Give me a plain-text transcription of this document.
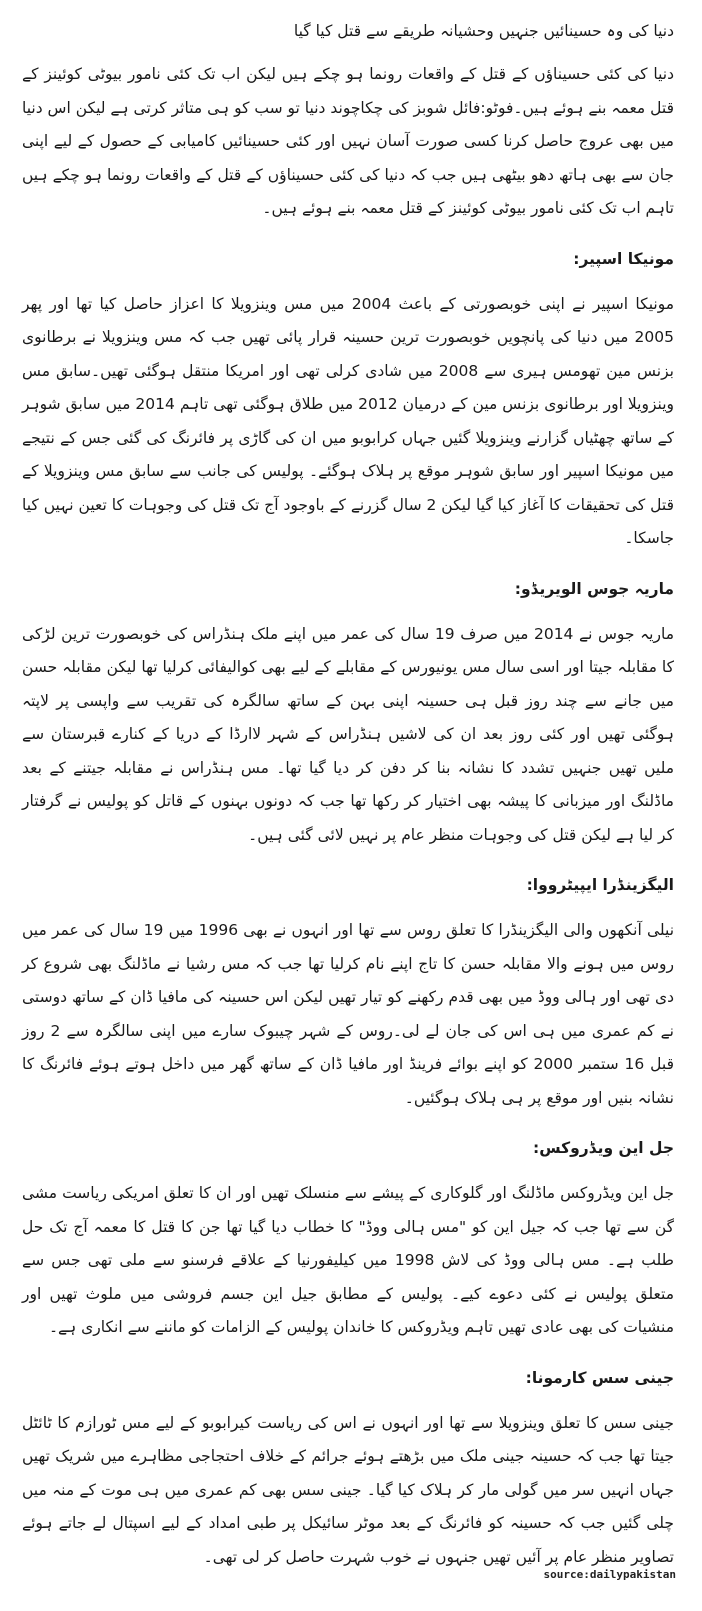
دنیا کی وہ حسینائیں جنہیں وحشیانہ طریقے سے قتل کیا گیا

دنیا کی کئی حسیناؤں کے قتل کے واقعات رونما ہو چکے ہیں لیکن اب تک کئی نامور بیوٹی کوئینز کے قتل معمہ بنے ہوئے ہیں۔فوٹو:فائل شوبز کی چکاچوند دنیا تو سب کو ہی متاثر کرتی ہے لیکن اس دنیا میں بھی عروج حاصل کرنا کسی صورت آسان نہیں اور کئی حسینائیں کامیابی کے حصول کے لیے اپنی جان سے بھی ہاتھ دھو بیٹھی ہیں جب کہ دنیا کی کئی حسیناؤں کے قتل کے واقعات رونما ہو چکے ہیں تاہم اب تک کئی نامور بیوٹی کوئینز کے قتل معمہ بنے ہوئے ہیں۔

مونیکا اسپیر:

مونیکا اسپیر نے اپنی خوبصورتی کے باعث 2004 میں مس وینزویلا کا اعزاز حاصل کیا تھا اور پھر 2005 میں دنیا کی پانچویں خوبصورت ترین حسینہ قرار پائی تھیں جب کہ مس وینزویلا نے برطانوی بزنس مین تھومس ہیری سے 2008 میں شادی کرلی تھی اور امریکا منتقل ہوگئی تھیں۔سابق مس وینزویلا اور برطانوی بزنس مین کے درمیان 2012 میں طلاق ہوگئی تھی تاہم 2014 میں سابق شوہر کے ساتھ چھٹیاں گزارنے وینزویلا گئیں جہاں کرابوبو میں ان کی گاڑی پر فائرنگ کی گئی جس کے نتیجے میں مونیکا اسپیر اور سابق شوہر موقع پر ہلاک ہوگئے۔ پولیس کی جانب سے سابق مس وینزویلا کے قتل کی تحقیقات کا آغاز کیا گیا لیکن 2 سال گزرنے کے باوجود آج تک قتل کی وجوہات کا تعین نہیں کیا جاسکا۔

ماریہ جوس الویریڈو:

ماریہ جوس نے 2014 میں صرف 19 سال کی عمر میں اپنے ملک ہنڈراس کی خوبصورت ترین لڑکی کا مقابلہ جیتا اور اسی سال مس یونیورس کے مقابلے کے لیے بھی کوالیفائی کرلیا تھا لیکن مقابلہ حسن میں جانے سے چند روز قبل ہی حسینہ اپنی بہن کے ساتھ سالگرہ کی تقریب سے واپسی پر لاپتہ ہوگئی تھیں اور کئی روز بعد ان کی لاشیں ہنڈراس کے شہر لاارڈا کے دریا کے کنارے قبرستان سے ملیں تھیں جنہیں تشدد کا نشانہ بنا کر دفن کر دیا گیا تھا۔ مس ہنڈراس نے مقابلہ جیتنے کے بعد ماڈلنگ اور میزبانی کا پیشہ بھی اختیار کر رکھا تھا جب کہ دونوں بہنوں کے قاتل کو پولیس نے گرفتار کر لیا ہے لیکن قتل کی وجوہات منظر عام پر نہیں لائی گئی ہیں۔

الیگزینڈرا ایپیٹرووا:

نیلی آنکھوں والی الیگزینڈرا کا تعلق روس سے تھا اور انہوں نے بھی 1996 میں 19 سال کی عمر میں روس میں ہونے والا مقابلہ حسن کا تاج اپنے نام کرلیا تھا جب کہ مس رشیا نے ماڈلنگ بھی شروع کر دی تھی اور ہالی ووڈ میں بھی قدم رکھنے کو تیار تھیں لیکن اس حسینہ کی مافیا ڈان کے ساتھ دوستی نے کم عمری میں ہی اس کی جان لے لی۔روس کے شہر چیبوک سارے میں اپنی سالگرہ سے 2 روز قبل 16 ستمبر 2000 کو اپنے بوائے فرینڈ اور مافیا ڈان کے ساتھ گھر میں داخل ہوتے ہوئے فائرنگ کا نشانہ بنیں اور موقع پر ہی ہلاک ہوگئیں۔

جل این ویڈروکس:

جل این ویڈروکس ماڈلنگ اور گلوکاری کے پیشے سے منسلک تھیں اور ان کا تعلق امریکی ریاست مشی گن سے تھا جب کہ جیل این کو "مس ہالی ووڈ" کا خطاب دیا گیا تھا جن کا قتل کا معمہ آج تک حل طلب ہے۔ مس ہالی ووڈ کی لاش 1998 میں کیلیفورنیا کے علاقے فرسنو سے ملی تھی جس سے متعلق پولیس نے کئی دعوے کیے۔ پولیس کے مطابق جیل این جسم فروشی میں ملوث تھیں اور منشیات کی بھی عادی تھیں تاہم ویڈروکس کا خاندان پولیس کے الزامات کو ماننے سے انکاری ہے۔

جینی سس کارمونا:

جینی سس کا تعلق وینزویلا سے تھا اور انہوں نے اس کی ریاست کیرابوبو کے لیے مس ٹورازم کا ٹائٹل جیتا تھا جب کہ حسینہ جینی ملک میں بڑھتے ہوئے جرائم کے خلاف احتجاجی مظاہرے میں شریک تھیں جہاں انہیں سر میں گولی مار کر ہلاک کیا گیا۔ جینی سس بھی کم عمری میں ہی موت کے منہ میں چلی گئیں جب کہ حسینہ کو فائرنگ کے بعد موٹر سائیکل پر طبی امداد کے لیے اسپتال لے جاتے ہوئے تصاویر منظر عام پر آئیں تھیں جنہوں نے خوب شہرت حاصل کر لی تھی۔

source:dailypakistan
